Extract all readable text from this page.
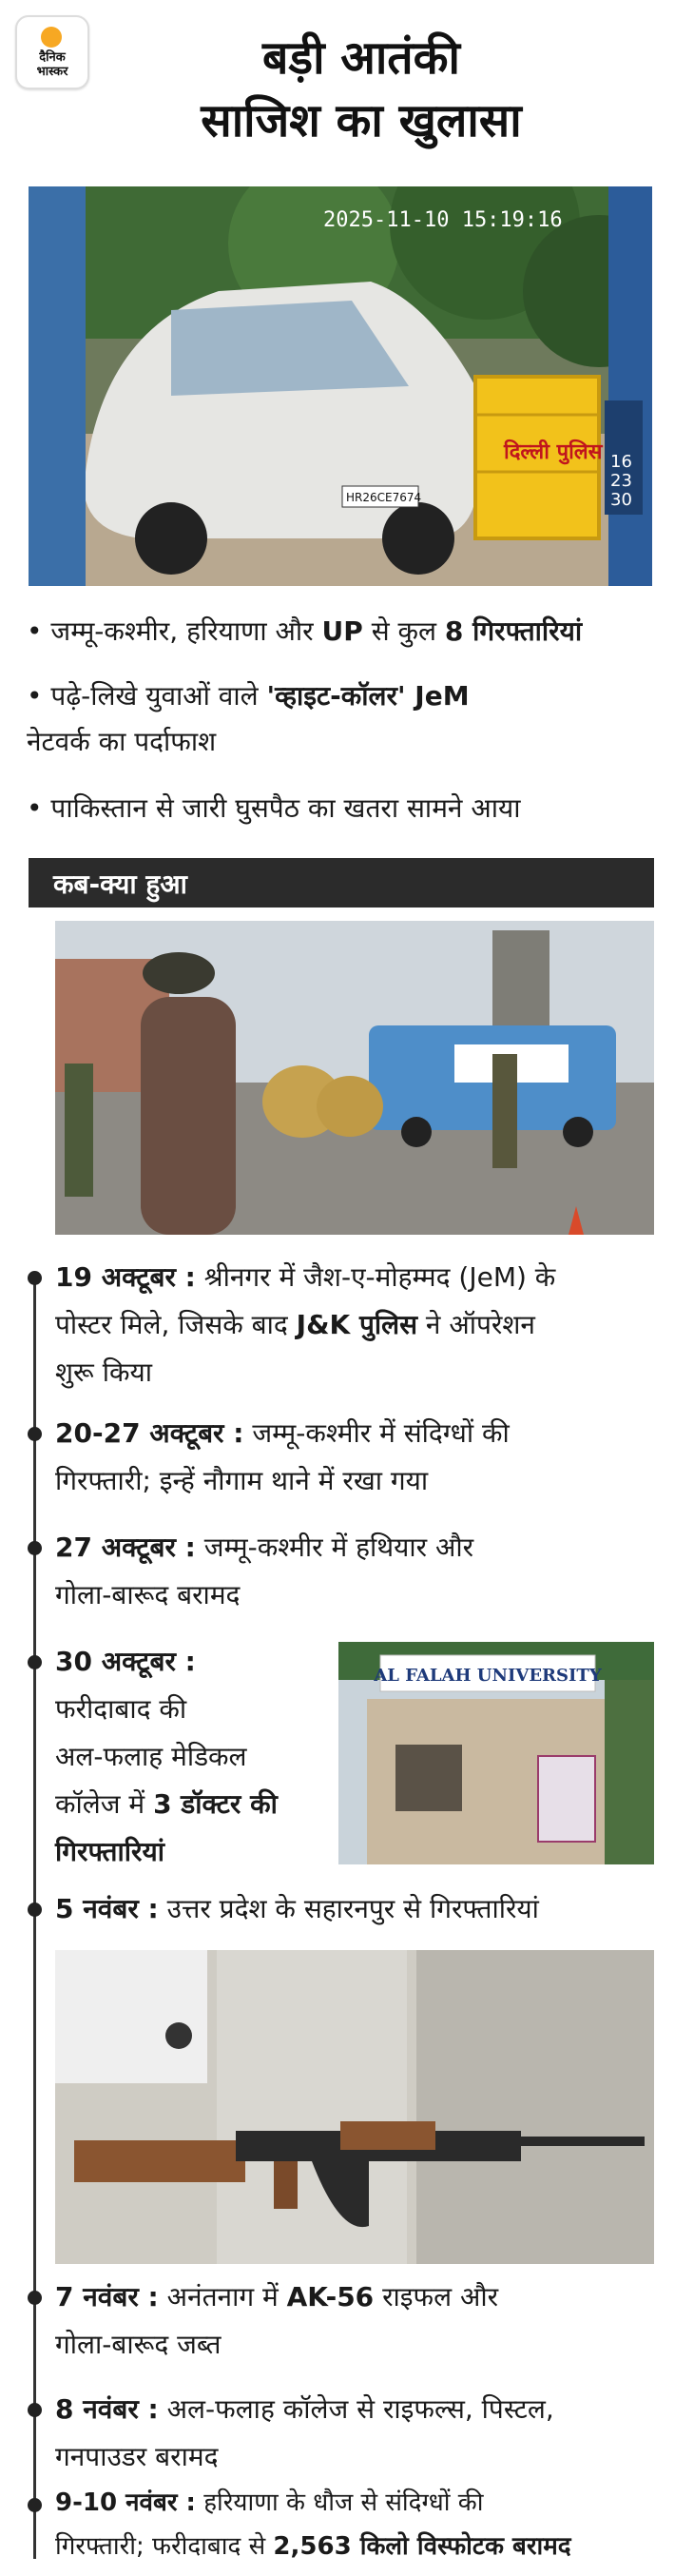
दैनिक
भास्कर	बड़ी आतंकी
साजिश का खुलासा
HR26CE7674
दिल्ली पुलिस 16
23
30
2025-11-10 15:19:16
• जम्मू-कश्मीर, हरियाणा और UP से कुल 8 गिरफ्तारियां
• पढ़े-लिखे युवाओं वाले 'व्हाइट-कॉलर' JeM
नेटवर्क का पर्दाफाश
• पाकिस्तान से जारी घुसपैठ का खतरा सामने आया
कब-क्या हुआ
19 अक्टूबर : श्रीनगर में जैश-ए-मोहम्मद (JeM) के
पोस्टर मिले, जिसके बाद J&K पुलिस ने ऑपरेशन
शुरू किया
20-27 अक्टूबर : जम्मू-कश्मीर में संदिग्धों की
गिरफ्तारी; इन्हें नौगाम थाने में रखा गया
27 अक्टूबर : जम्मू-कश्मीर में हथियार और
गोला-बारूद बरामद
30 अक्टूबर :
फरीदाबाद की
अल-फलाह मेडिकल
कॉलेज में 3 डॉक्टर की
गिरफ्तारियां
AL FALAH UNIVERSITY
5 नवंबर : उत्तर प्रदेश के सहारनपुर से गिरफ्तारियां
7 नवंबर : अनंतनाग में AK-56 राइफल और
गोला-बारूद जब्त
8 नवंबर : अल-फलाह कॉलेज से राइफल्स, पिस्टल,
गनपाउडर बरामद
9-10 नवंबर : हरियाणा के धौज से संदिग्धों की
गिरफ्तारी; फरीदाबाद से 2,563 किलो विस्फोटक बरामद
